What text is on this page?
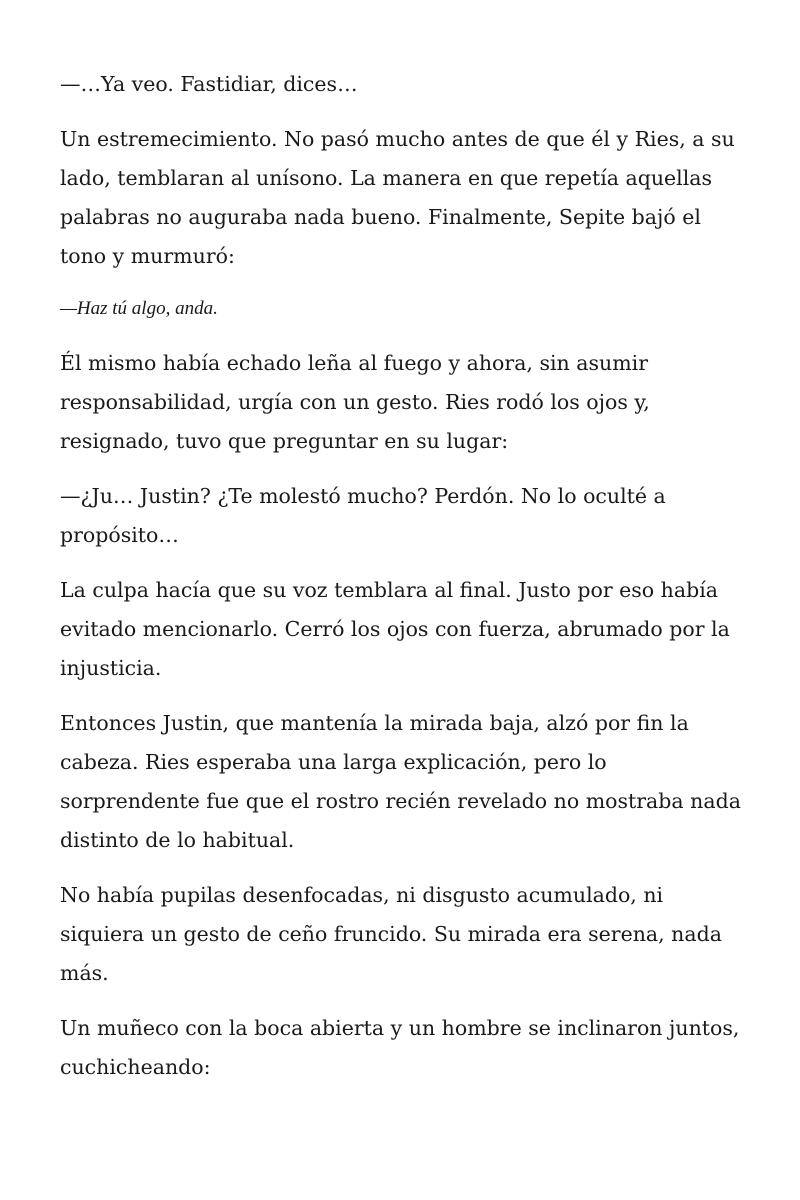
—…Ya veo. Fastidiar, dices…

Un estremecimiento. No pasó mucho antes de que él y Ries, a su lado, temblaran al unísono. La manera en que repetía aquellas palabras no auguraba nada bueno. Finalmente, Sepite bajó el tono y murmuró:

—Haz tú algo, anda.

Él mismo había echado leña al fuego y ahora, sin asumir responsabilidad, urgía con un gesto. Ries rodó los ojos y, resignado, tuvo que preguntar en su lugar:

—¿Ju… Justin? ¿Te molestó mucho? Perdón. No lo oculté a propósito…

La culpa hacía que su voz temblara al final. Justo por eso había evitado mencionarlo. Cerró los ojos con fuerza, abrumado por la injusticia.

Entonces Justin, que mantenía la mirada baja, alzó por fin la cabeza. Ries esperaba una larga explicación, pero lo sorprendente fue que el rostro recién revelado no mostraba nada distinto de lo habitual.

No había pupilas desenfocadas, ni disgusto acumulado, ni siquiera un gesto de ceño fruncido. Su mirada era serena, nada más.

Un muñeco con la boca abierta y un hombre se inclinaron juntos, cuchicheando:
